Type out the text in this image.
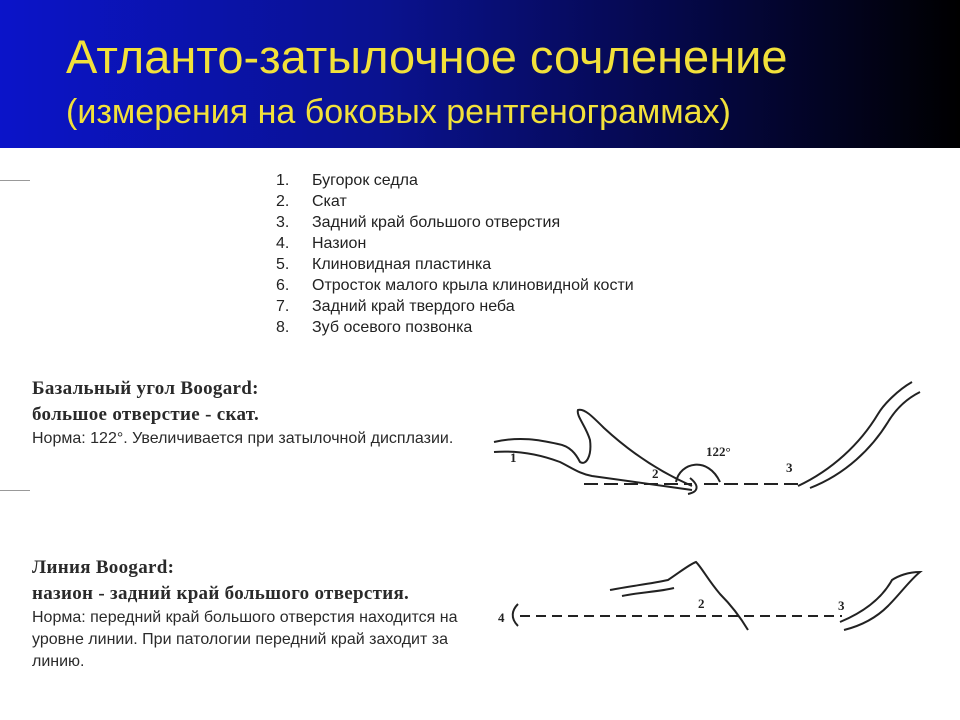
Атланто-затылочное сочленение
(измерения на боковых рентгенограммах)
1. Бугорок седла
2. Скат
3. Задний край большого отверстия
4. Назион
5. Клиновидная пластинка
6. Отросток малого крыла клиновидной кости
7. Задний край твердого неба
8. Зуб осевого позвонка
Базальный угол Boogard:
большое отверстие - скат.
Норма: 122°. Увеличивается при затылочной дисплазии.
Линия Boogard:
назион - задний край большого отверстия.
Норма: передний край большого отверстия находится на уровне линии. При патологии передний край заходит за линию.
1
2	3
122°
4
2	3
